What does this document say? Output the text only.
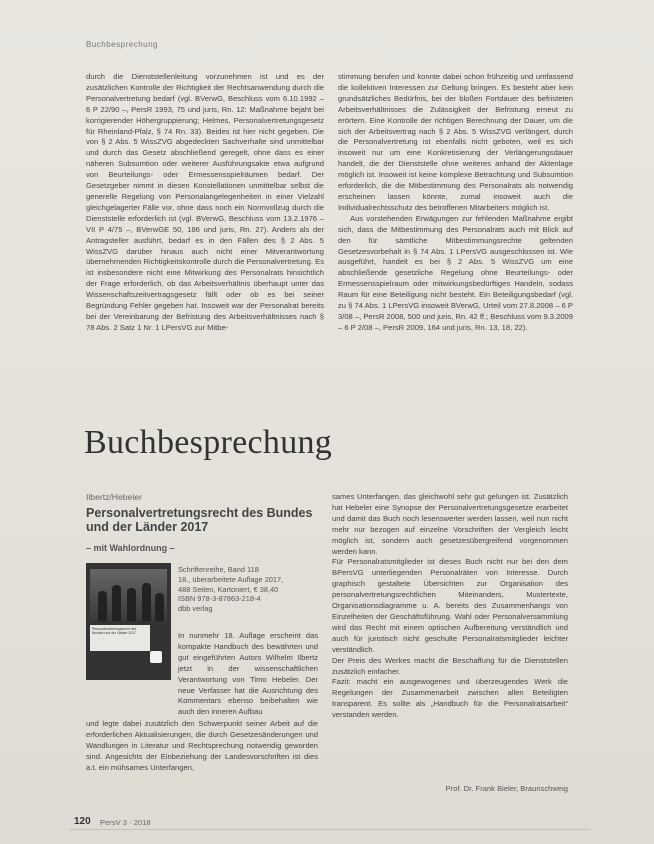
Buchbesprechung

durch die Dienststellenleitung vorzunehmen ist und es der zusätzlichen Kontrolle der Richtigkeit der Rechtsanwendung durch die Personalvertretung bedarf (vgl. BVerwG, Beschluss vom 6.10.1992 – 6 P 22/90 –, PersR 1993, 75 und juris, Rn. 12: Maßnahme bejaht bei korrigierender Höhergruppierung; Helmes, Personalvertretungsgesetz für Rheinland-Pfalz, § 74 Rn. 33). Beides ist hier nicht gegeben. Die von § 2 Abs. 5 WissZVG abgedeckten Sachverhalte sind unmittelbar und durch das Gesetz abschließend geregelt, ohne dass es einer näheren Subsumtion oder weiterer Ausführungsakte etwa aufgrund von Beurteilungs- oder Ermessensspielräumen bedarf. Der Gesetzgeber nimmt in diesen Konstellationen unmittelbar selbst die generelle Regelung von Personalangelegenheiten in einer Vielzahl gleichgelagerter Fälle vor, ohne dass noch ein Normvollzug durch die Dienststelle erforderlich ist (vgl. BVerwG, Beschluss vom 13.2.1976 – VII P 4/75 –, BVerwGE 50, 186 und juris, Rn. 27). Anders als der Antragsteller ausführt, bedarf es in den Fällen des § 2 Abs. 5 WissZVG darüber hinaus auch nicht einer Mitverantwortung übernehmenden Richtigkeitskontrolle durch die Personalvertretung. Es ist insbesondere nicht eine Mitwirkung des Personalrats hinsichtlich der Frage erforderlich, ob das Arbeitsverhältnis überhaupt unter das Wissenschaftszeitvertragsgesetz fällt oder ob es bei seiner Begründung Fehler gegeben hat. Insoweit war der Personalrat bereits bei der Vereinbarung der Befristung des Arbeitsverhältnisses nach § 78 Abs. 2 Satz 1 Nr. 1 LPersVG zur Mitbe-

stimmung berufen und konnte dabei schon frühzeitig und umfassend die kollektiven Interessen zur Geltung bringen. Es besteht aber kein grundsätzliches Bedürfnis, bei der bloßen Fortdauer des befristeten Arbeitsverhältnisses die Zulässigkeit der Befristung erneut zu erörtern. Eine Kontrolle der richtigen Berechnung der Dauer, um die sich der Arbeitsvertrag nach § 2 Abs. 5 WissZVG verlängert, durch die Personalvertretung ist ebenfalls nicht geboten, weil es sich insoweit nur um eine Konkretisierung der Verlängerungsdauer handelt, die der Dienststelle ohne weiteres anhand der Aktenlage möglich ist. Insoweit ist keine komplexe Betrachtung und Subsumtion erforderlich, die die Mitbestimmung des Personalrats als notwendig erscheinen lassen könnte, zumal insoweit auch die Individualrechtsschutz des betroffenen Mitarbeiters möglich ist.

Aus vorstehenden Erwägungen zur fehlenden Maßnahme ergibt sich, dass die Mitbestimmung des Personalrats auch mit Blick auf den für sämtliche Mitbestimmungsrechte geltenden Gesetzesvorbehalt in § 74 Abs. 1 LPersVG ausgeschlossen ist. Wie ausgeführt, handelt es bei § 2 Abs. 5 WissZVG um eine abschließende gesetzliche Regelung ohne Beurteilungs- oder Ermessensspielraum oder mitwirkungsbedürftiges Handeln, sodass Raum für eine Beteiligung nicht besteht. Ein Beteiligungsbedarf (vgl. zu § 74 Abs. 1 LPersVG insoweit BVerwG, Urteil vom 27.8.2008 – 6 P 3/08 –, PersR 2008, 500 und juris, Rn. 42 ff.; Beschluss vom 9.3.2009 – 6 P 2/08 –, PersR 2009, 164 und juris, Rn. 13, 18, 22).

Buchbesprechung
Ilbertz/Hebeler
Personalvertretungsrecht des Bundes und der Länder 2017
– mit Wahlordnung –
Personalvertretungsrecht des Bundes und der Länder 2017
Schriftenreihe, Band 118
18., überarbeitete Auflage 2017,
488 Seiten, Kartoniert, € 38,40
ISBN 978-3-87863-218-4
dbb verlag

In nunmehr 18. Auflage erscheint das kompakte Handbuch des bewährten und gut eingeführten Autors Wilhelm Ilbertz jetzt in der wissenschaftlichen Verantwortung von Timo Hebeler. Der neue Verfasser hat die Ausrichtung des Kommentars ebenso beibehalten wie auch den inneren Aufbau

und legte dabei zusätzlich den Schwerpunkt seiner Arbeit auf die erforderlichen Aktualisierungen, die durch Gesetzesänderungen und Wandlungen in Literatur und Rechtsprechung notwendig geworden sind. Angesichts der Einbeziehung der Landesvorschriften ist dies a.t. ein mühsames Unterfangen,

sames Unterfangen, das gleichwohl sehr gut gelungen ist. Zusätzlich hat Hebeler eine Synopse der Personalvertretungsgesetze erarbeitet und damit das Buch noch lesenswerter werden lassen, weil nun nicht mehr nur bezogen auf einzelne Vorschriften der Vergleich leicht möglich ist, sondern auch gesetzesübergreifend vorgenommen werden kann.

Für Personalratsmitglieder ist dieses Buch nicht nur bei den dem BPersVG unterliegenden Personalräten von Interesse. Durch graphisch gestaltete Übersichten zur Organisation des personalvertretungsrechtlichen Miteinanders, Mustertexte, Organisationsdiagramme u. A. bereits des Zusammenhangs von Einzelheiten der Geschäftsführung. Wahl oder Personalversammlung wird das Recht mit einem optischen Aufbereitung verständlich und auch für juristisch nicht geschulte Personalratsmitglieder leichter verständlich.

Der Preis des Werkes macht die Beschaffung für die Dienststellen zusätzlich einfacher.

Fazit: macht ein ausgewogenes und überzeugendes Werk die Regelungen der Zusammenarbeit zwischen allen Beteiligten transparent. Es sollte als „Handbuch für die Personalratsarbeit“ verstanden werden.

Prof. Dr. Frank Bieler, Braunschweig
120 PersV 3 · 2018
